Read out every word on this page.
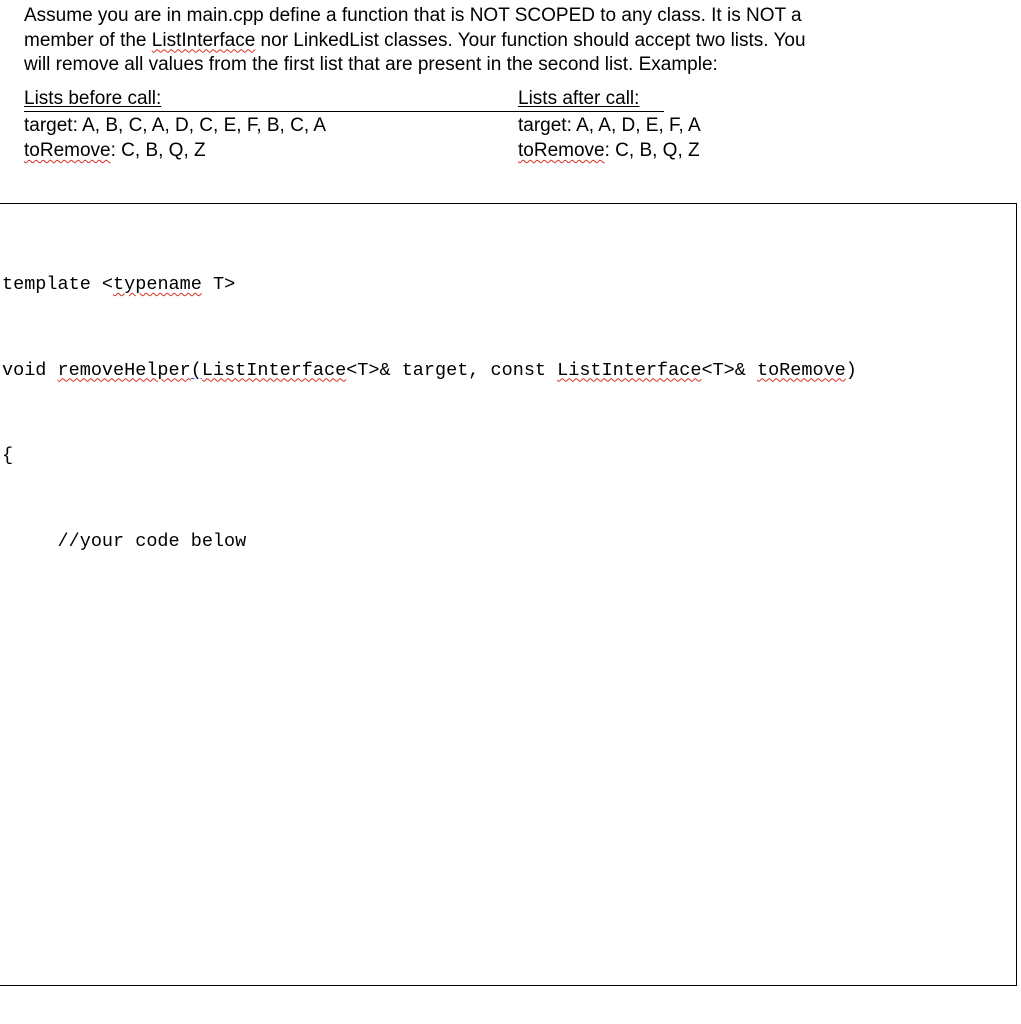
Assume you are in main.cpp define a function that is NOT SCOPED to any class. It is NOT a
member of the ListInterface nor LinkedList classes. Your function should accept two lists. You
will remove all values from the first list that are present in the second list. Example:
Lists before call:	Lists after call:
target: A, B, C, A, D, C, E, F, B, C, A	target: A, A, D, E, F, A
toRemove: C, B, Q, Z	toRemove: C, B, Q, Z

template <typename T>

void removeHelper(ListInterface<T>& target, const ListInterface<T>& toRemove)

{

//your code below
